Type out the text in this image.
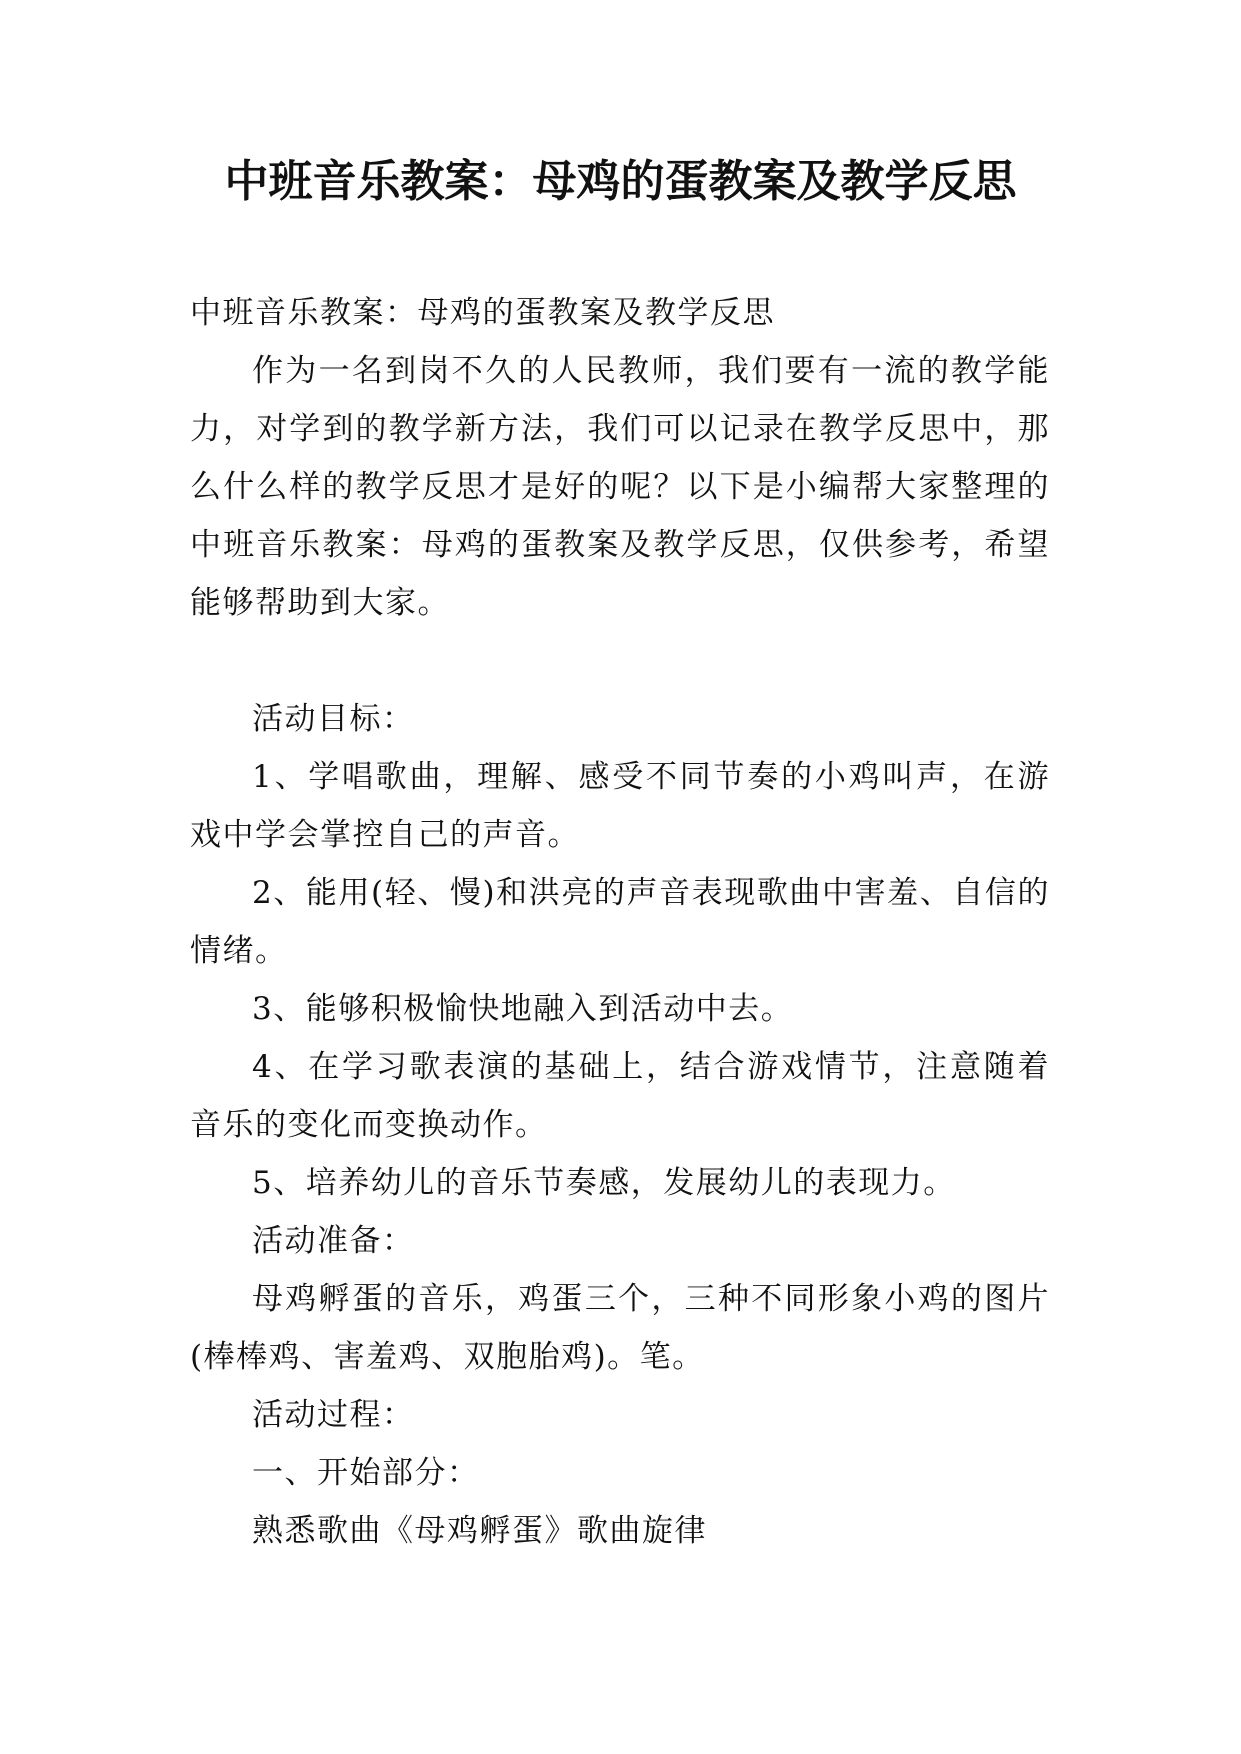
中班音乐教案：母鸡的蛋教案及教学反思

中班音乐教案：母鸡的蛋教案及教学反思

作为一名到岗不久的人民教师，我们要有一流的教学能力，对学到的教学新方法，我们可以记录在教学反思中，那么什么样的教学反思才是好的呢？以下是小编帮大家整理的中班音乐教案：母鸡的蛋教案及教学反思，仅供参考，希望能够帮助到大家。

活动目标：

1、学唱歌曲，理解、感受不同节奏的小鸡叫声，在游戏中学会掌控自己的声音。

2、能用(轻、慢)和洪亮的声音表现歌曲中害羞、自信的情绪。

3、能够积极愉快地融入到活动中去。

4、在学习歌表演的基础上，结合游戏情节，注意随着音乐的变化而变换动作。

5、培养幼儿的音乐节奏感，发展幼儿的表现力。

活动准备：

母鸡孵蛋的音乐，鸡蛋三个，三种不同形象小鸡的图片(棒棒鸡、害羞鸡、双胞胎鸡)。笔。

活动过程：

一、开始部分：

熟悉歌曲《母鸡孵蛋》歌曲旋律
